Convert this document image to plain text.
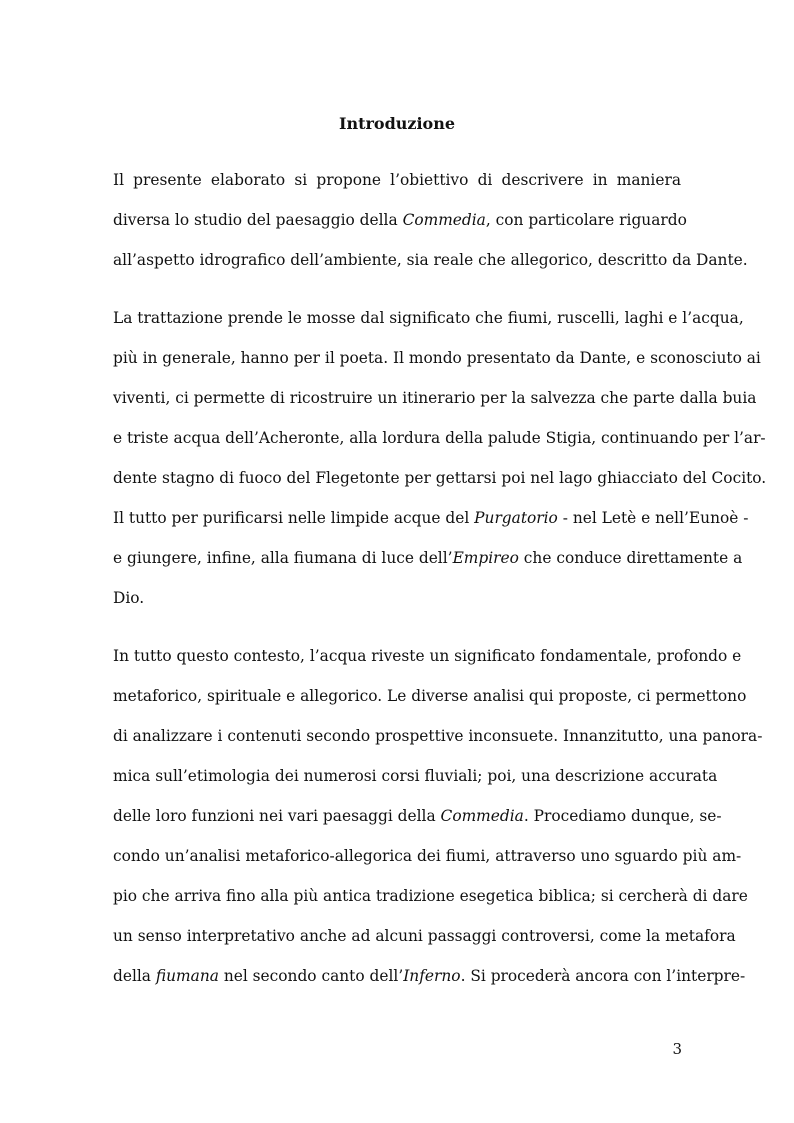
Introduzione
Il presente elaborato si propone l’obiettivo di descrivere in maniera
diversa lo studio del paesaggio della Commedia, con particolare riguardo
all’aspetto idrografico dell’ambiente, sia reale che allegorico, descritto da Dante.
La trattazione prende le mosse dal significato che fiumi, ruscelli, laghi e l’acqua,
più in generale, hanno per il poeta. Il mondo presentato da Dante, e sconosciuto ai
viventi, ci permette di ricostruire un itinerario per la salvezza che parte dalla buia
e triste acqua dell’Acheronte, alla lordura della palude Stigia, continuando per l’ar-
dente stagno di fuoco del Flegetonte per gettarsi poi nel lago ghiacciato del Cocito.
Il tutto per purificarsi nelle limpide acque del Purgatorio - nel Letè e nell’Eunoè -
e giungere, infine, alla fiumana di luce dell’Empireo che conduce direttamente a
Dio.
In tutto questo contesto, l’acqua riveste un significato fondamentale, profondo e
metaforico, spirituale e allegorico. Le diverse analisi qui proposte, ci permettono
di analizzare i contenuti secondo prospettive inconsuete. Innanzitutto, una panora-
mica sull’etimologia dei numerosi corsi fluviali; poi, una descrizione accurata
delle loro funzioni nei vari paesaggi della Commedia. Procediamo dunque, se-
condo un’analisi metaforico-allegorica dei fiumi, attraverso uno sguardo più am-
pio che arriva fino alla più antica tradizione esegetica biblica; si cercherà di dare
un senso interpretativo anche ad alcuni passaggi controversi, come la metafora
della fiumana nel secondo canto dell’Inferno. Si procederà ancora con l’interpre-
3
